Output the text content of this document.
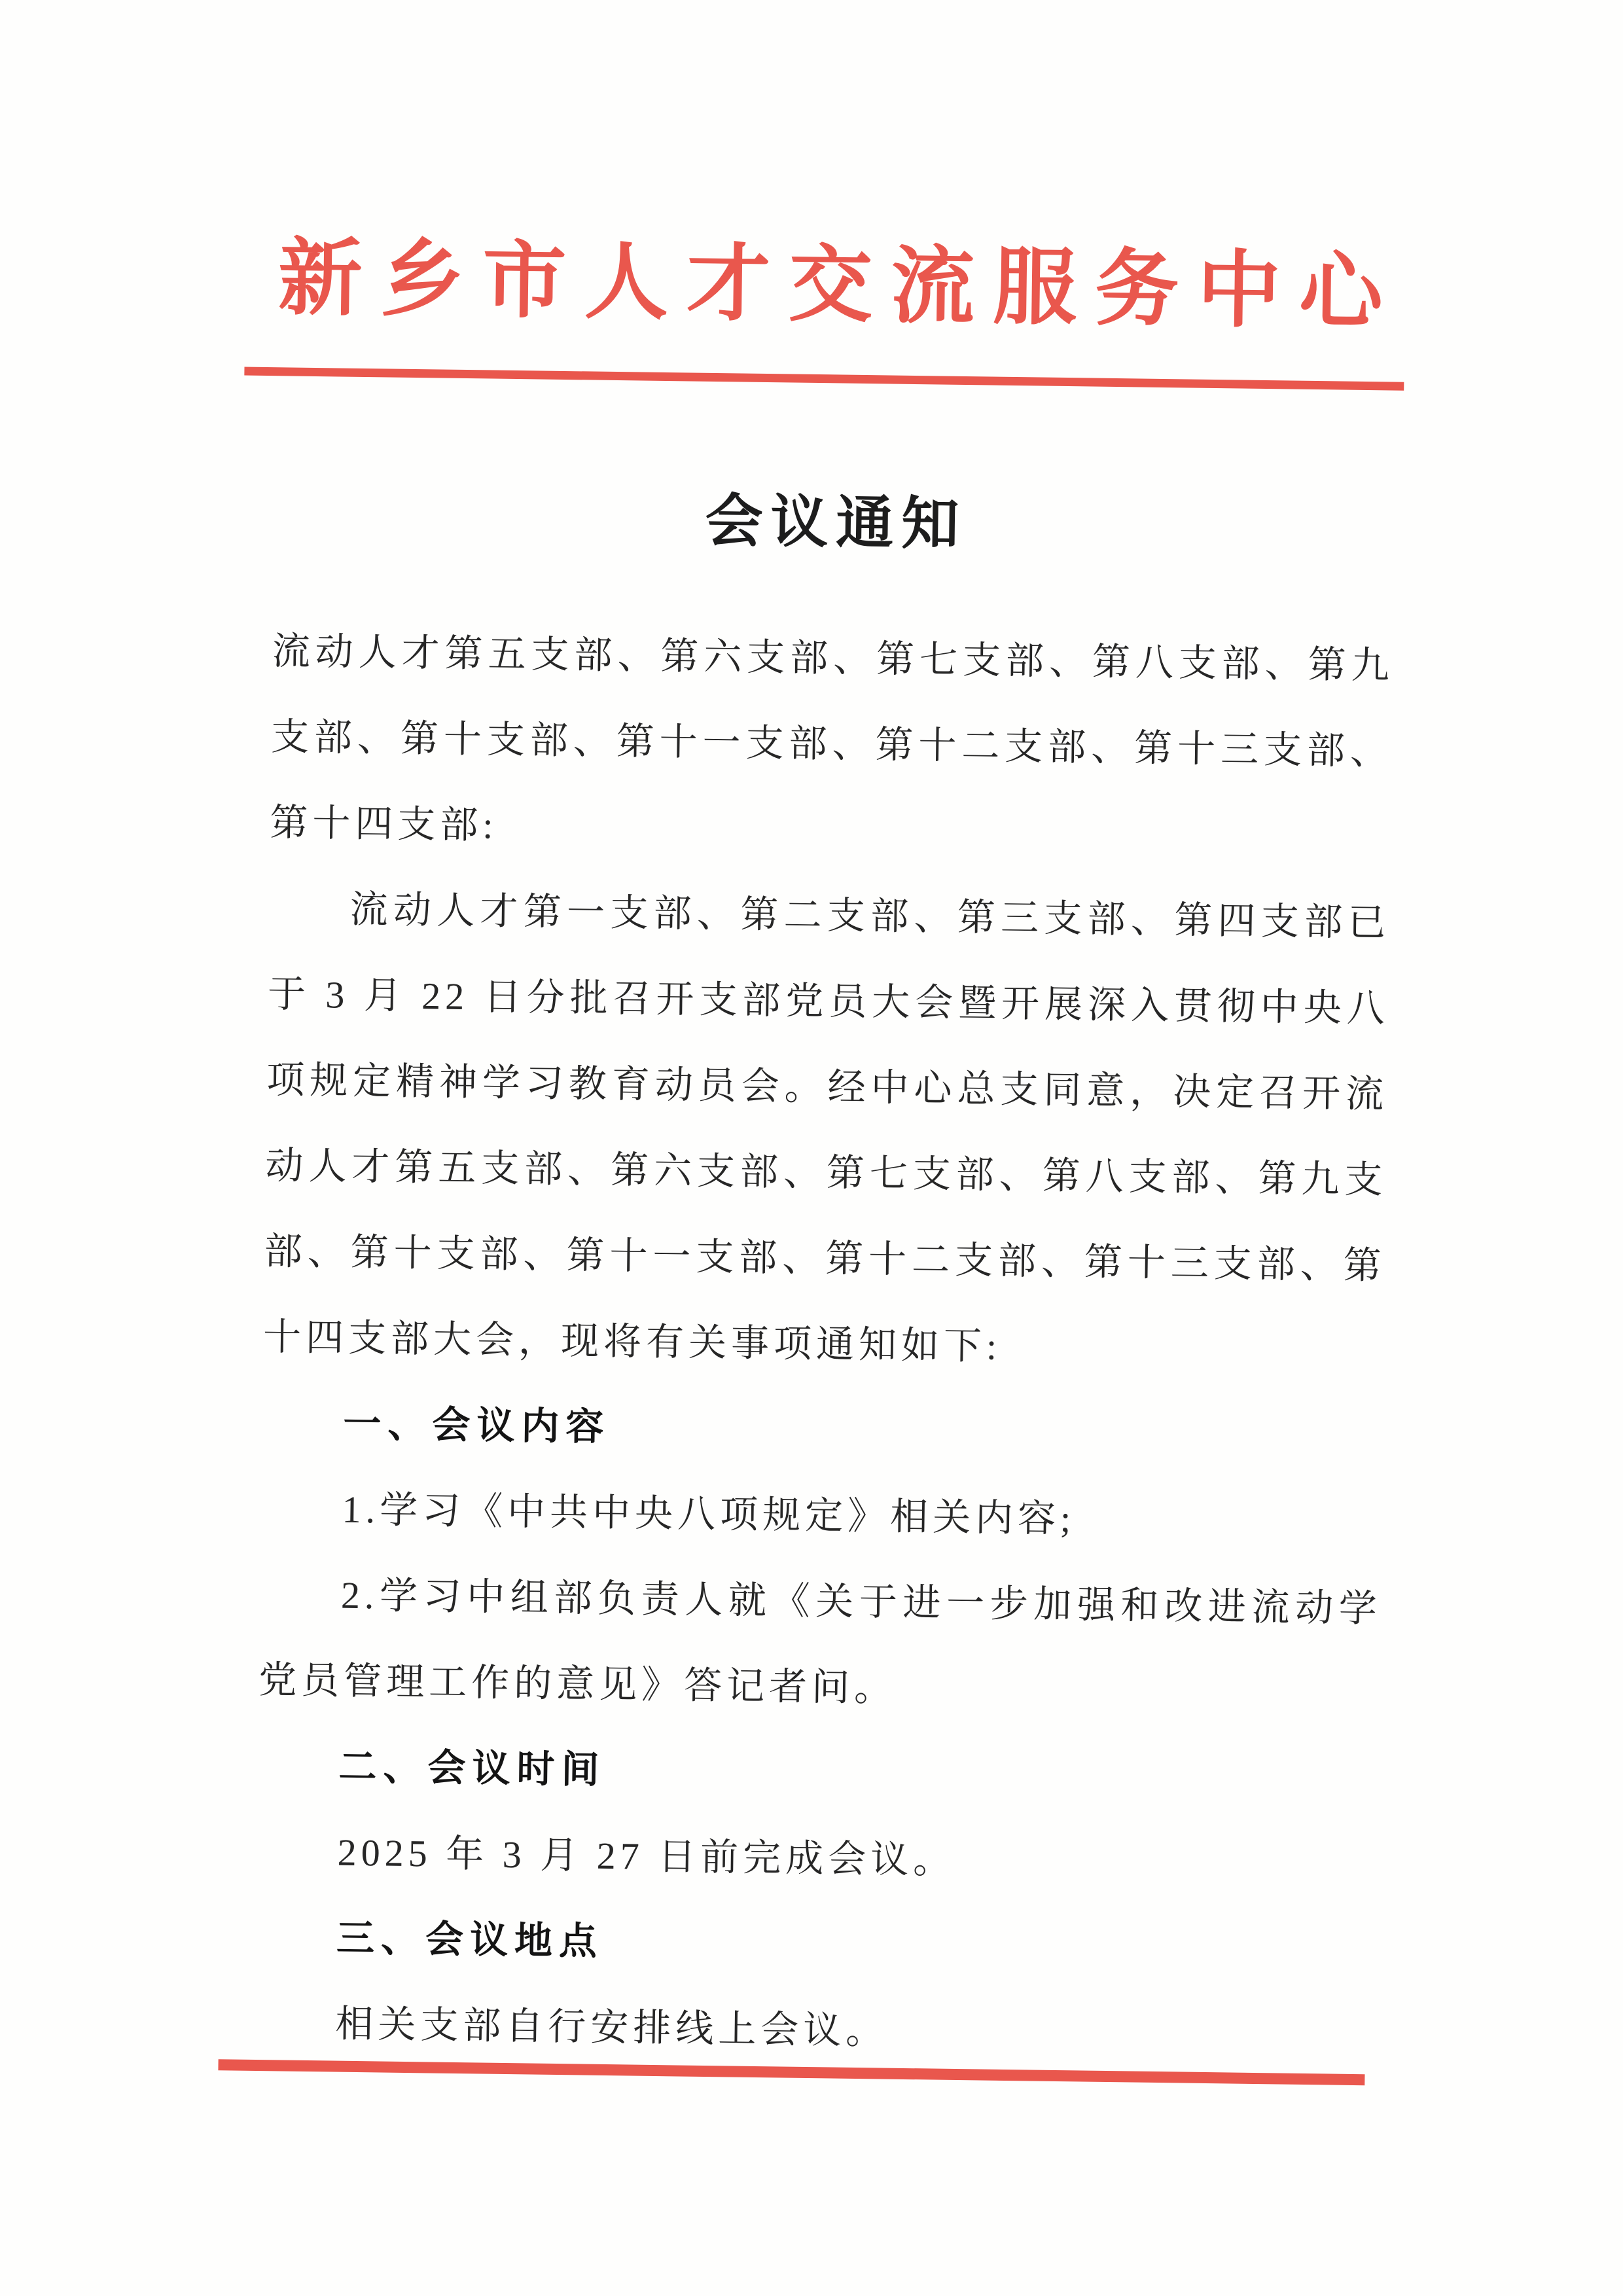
新乡市人才交流服务中心
会议通知
流动人才第五支部、第六支部、第七支部、第八支部、第九
支部、第十支部、第十一支部、第十二支部、第十三支部、
第十四支部:
流动人才第一支部、第二支部、第三支部、第四支部已
于 3 月 22 日分批召开支部党员大会暨开展深入贯彻中央八
项规定精神学习教育动员会。经中心总支同意，决定召开流
动人才第五支部、第六支部、第七支部、第八支部、第九支
部、第十支部、第十一支部、第十二支部、第十三支部、第
十四支部大会，现将有关事项通知如下:
一、会议内容
1.学习《中共中央八项规定》相关内容;
2.学习中组部负责人就《关于进一步加强和改进流动学
党员管理工作的意见》答记者问。
二、会议时间
2025 年 3 月 27 日前完成会议。
三、会议地点
相关支部自行安排线上会议。
